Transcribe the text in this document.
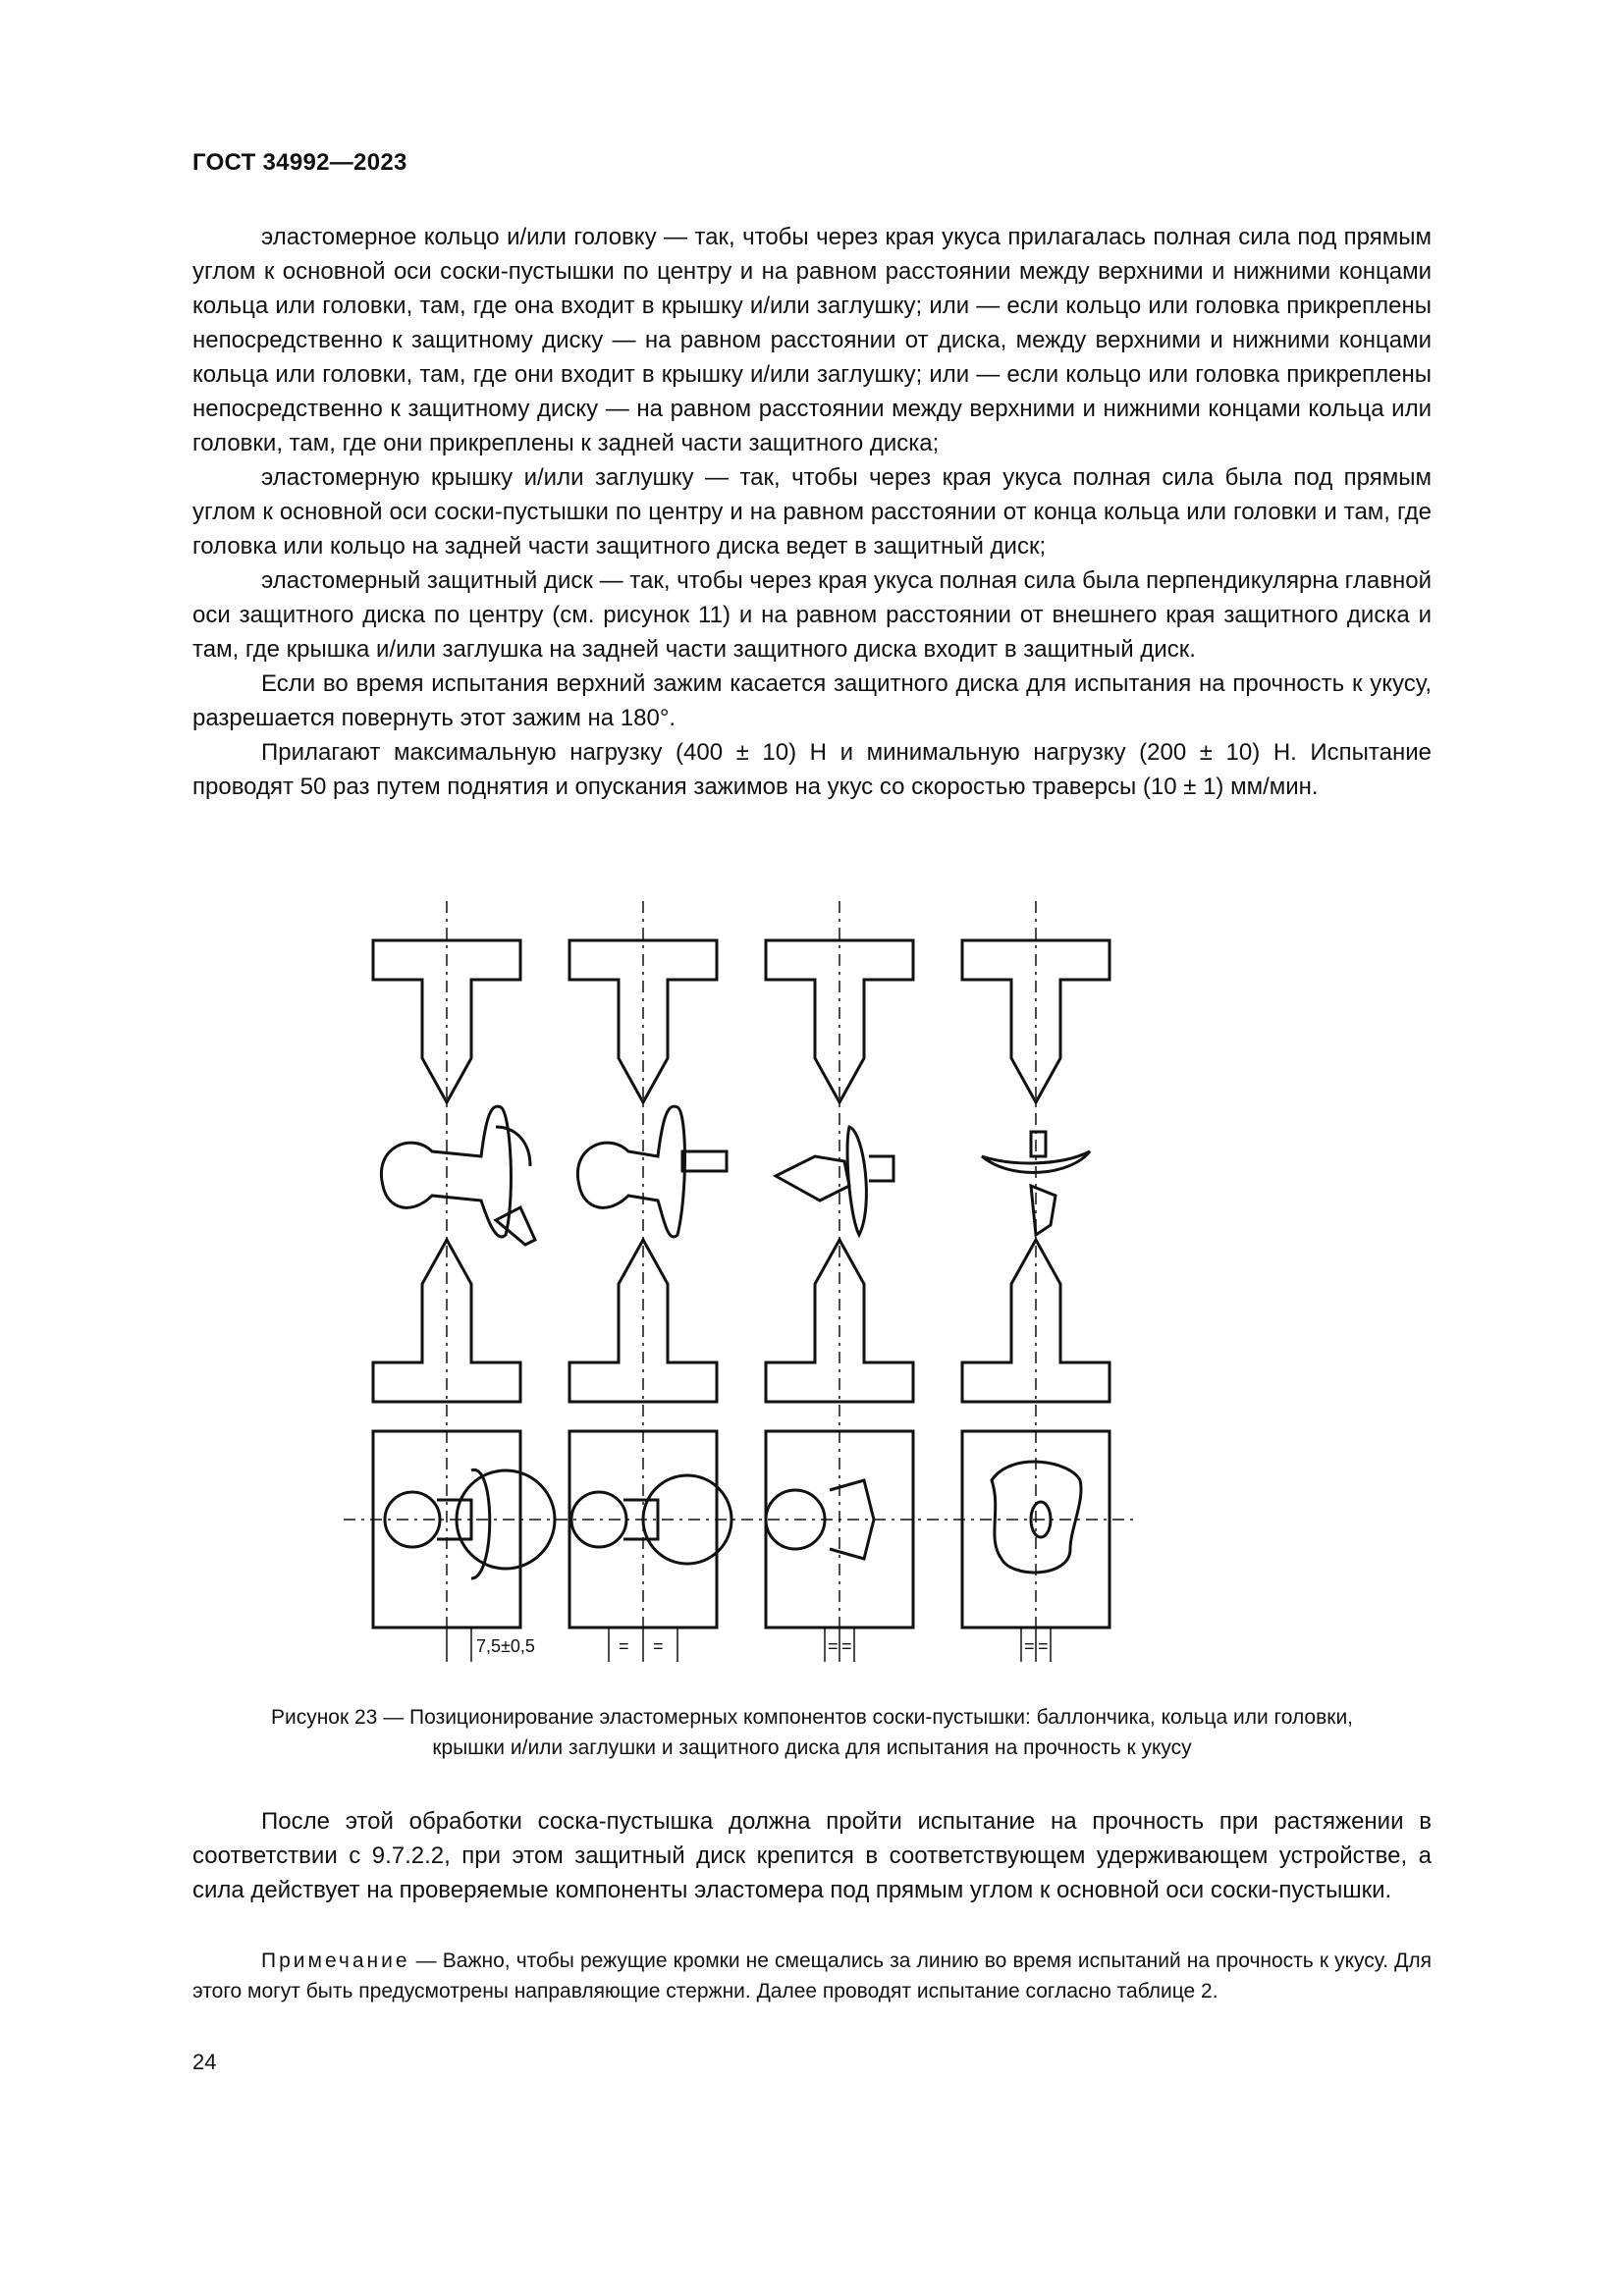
ГОСТ 34992—2023

эластомерное кольцо и/или головку — так, чтобы через края укуса прилагалась полная сила под прямым углом к основной оси соски-пустышки по центру и на равном расстоянии между верхними и нижними концами кольца или головки, там, где она входит в крышку и/или заглушку; или — если кольцо или головка прикреплены непосредственно к защитному диску — на равном расстоянии от диска, между верхними и нижними концами кольца или головки, там, где они входит в крышку и/или заглушку; или — если кольцо или головка прикреплены непосредственно к защитному диску — на равном расстоянии между верхними и нижними концами кольца или головки, там, где они прикреплены к задней части защитного диска;

эластомерную крышку и/или заглушку — так, чтобы через края укуса полная сила была под прямым углом к основной оси соски-пустышки по центру и на равном расстоянии от конца кольца или головки и там, где головка или кольцо на задней части защитного диска ведет в защитный диск;

эластомерный защитный диск — так, чтобы через края укуса полная сила была перпендикулярна главной оси защитного диска по центру (см. рисунок 11) и на равном расстоянии от внешнего края защитного диска и там, где крышка и/или заглушка на задней части защитного диска входит в защитный диск.

Если во время испытания верхний зажим касается защитного диска для испытания на прочность к укусу, разрешается повернуть этот зажим на 180°.

Прилагают максимальную нагрузку (400 ± 10) Н и минимальную нагрузку (200 ± 10) Н. Испытание проводят 50 раз путем поднятия и опускания зажимов на укус со скоростью траверсы (10 ± 1) мм/мин.

7,5±0,5	= =	= =	= =
Рисунок 23 — Позиционирование эластомерных компонентов соски-пустышки: баллончика, кольца или головки,
крышки и/или заглушки и защитного диска для испытания на прочность к укусу

После этой обработки соска-пустышка должна пройти испытание на прочность при растяжении в соответствии с 9.7.2.2, при этом защитный диск крепится в соответствующем удерживающем устройстве, а сила действует на проверяемые компоненты эластомера под прямым углом к основной оси соски-пустышки.

Примечание — Важно, чтобы режущие кромки не смещались за линию во время испытаний на прочность к укусу. Для этого могут быть предусмотрены направляющие стержни. Далее проводят испытание согласно таблице 2.

24
